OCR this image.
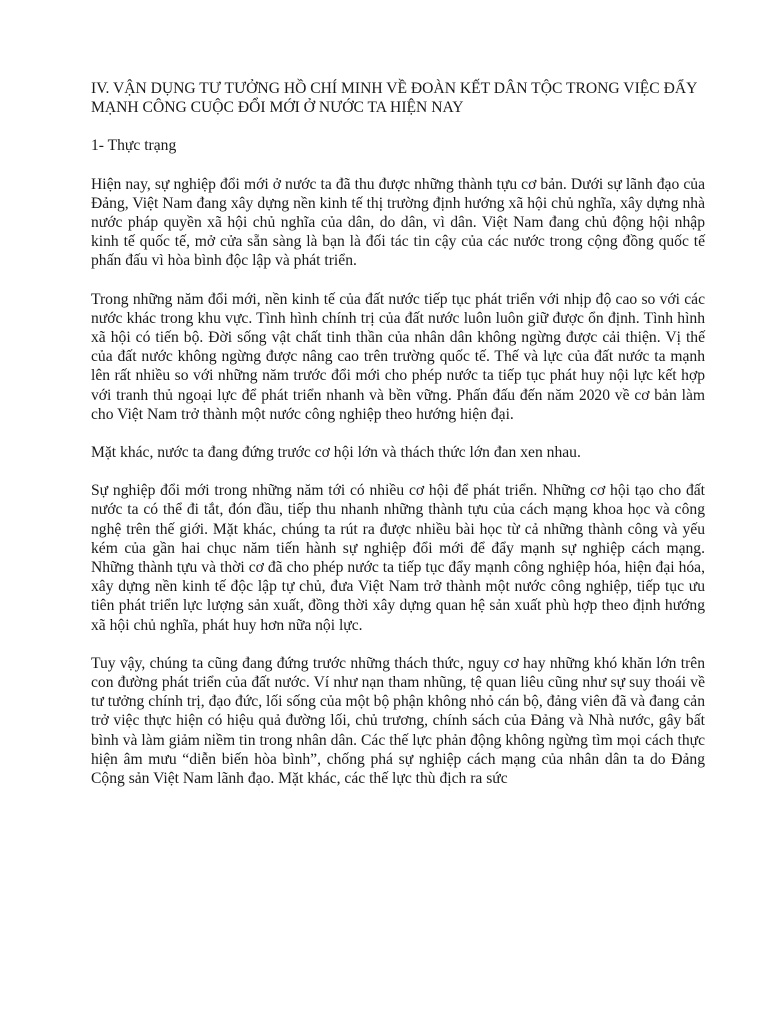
IV. VẬN DỤNG TƯ TƯỞNG HỒ CHÍ MINH VỀ ĐOÀN KẾT DÂN TỘC TRONG VIỆC ĐẨY MẠNH CÔNG CUỘC ĐỔI MỚI Ở NƯỚC TA HIỆN NAY
1- Thực trạng

Hiện nay, sự nghiệp đổi mới ở nước ta đã thu được những thành tựu cơ bản. Dưới sự lãnh đạo của Đảng, Việt Nam đang xây dựng nền kinh tế thị trường định hướng xã hội chủ nghĩa, xây dựng nhà nước pháp quyền xã hội chủ nghĩa của dân, do dân, vì dân. Việt Nam đang chủ động hội nhập kinh tế quốc tế, mở cửa sẵn sàng là bạn là đối tác tin cậy của các nước trong cộng đồng quốc tế phấn đấu vì hòa bình độc lập và phát triển.

Trong những năm đổi mới, nền kinh tế của đất nước tiếp tục phát triển với nhịp độ cao so với các nước khác trong khu vực. Tình hình chính trị của đất nước luôn luôn giữ được ổn định. Tình hình xã hội có tiến bộ. Đời sống vật chất tinh thần của nhân dân không ngừng được cải thiện. Vị thế của đất nước không ngừng được nâng cao trên trường quốc tế. Thế và lực của đất nước ta mạnh lên rất nhiều so với những năm trước đổi mới cho phép nước ta tiếp tục phát huy nội lực kết hợp với tranh thủ ngoại lực để phát triển nhanh và bền vững. Phấn đấu đến năm 2020 về cơ bản làm cho Việt Nam trở thành một nước công nghiệp theo hướng hiện đại.

Mặt khác, nước ta đang đứng trước cơ hội lớn và thách thức lớn đan xen nhau.

Sự nghiệp đổi mới trong những năm tới có nhiều cơ hội để phát triển. Những cơ hội tạo cho đất nước ta có thể đi tắt, đón đầu, tiếp thu nhanh những thành tựu của cách mạng khoa học và công nghệ trên thế giới. Mặt khác, chúng ta rút ra được nhiều bài học từ cả những thành công và yếu kém của gần hai chục năm tiến hành sự nghiệp đổi mới để đẩy mạnh sự nghiệp cách mạng. Những thành tựu và thời cơ đã cho phép nước ta tiếp tục đẩy mạnh công nghiệp hóa, hiện đại hóa, xây dựng nền kinh tế độc lập tự chủ, đưa Việt Nam trở thành một nước công nghiệp, tiếp tục ưu tiên phát triển lực lượng sản xuất, đồng thời xây dựng quan hệ sản xuất phù hợp theo định hướng xã hội chủ nghĩa, phát huy hơn nữa nội lực.

Tuy vậy, chúng ta cũng đang đứng trước những thách thức, nguy cơ hay những khó khăn lớn trên con đường phát triển của đất nước. Ví như nạn tham nhũng, tệ quan liêu cũng như sự suy thoái về tư tưởng chính trị, đạo đức, lối sống của một bộ phận không nhỏ cán bộ, đảng viên đã và đang cản trở việc thực hiện có hiệu quả đường lối, chủ trương, chính sách của Đảng và Nhà nước, gây bất bình và làm giảm niềm tin trong nhân dân. Các thế lực phản động không ngừng tìm mọi cách thực hiện âm mưu “diễn biến hòa bình”, chống phá sự nghiệp cách mạng của nhân dân ta do Đảng Cộng sản Việt Nam lãnh đạo. Mặt khác, các thế lực thù địch ra sức
